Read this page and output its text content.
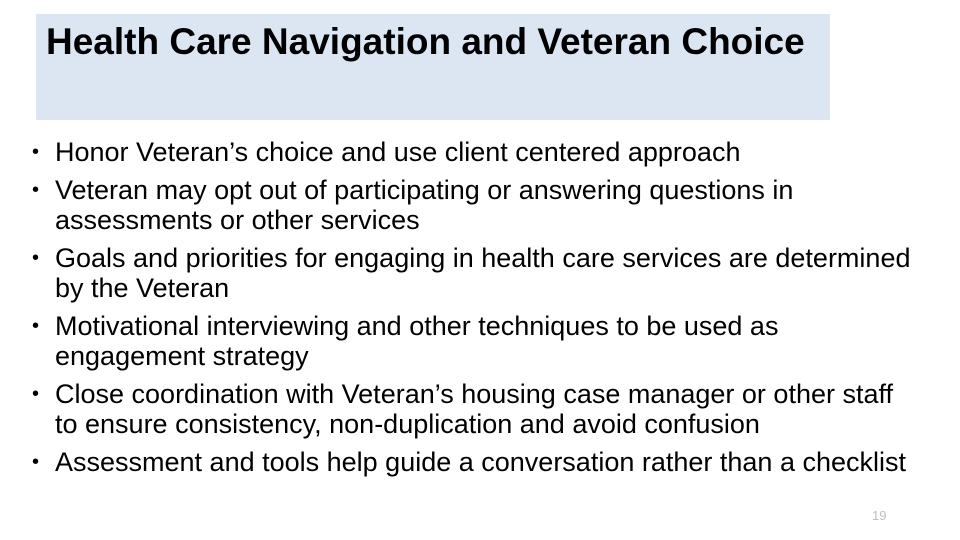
Health Care Navigation and Veteran Choice
• Honor Veteran’s choice and use client centered approach
• Veteran may opt out of participating or answering questions in assessments or other services
• Goals and priorities for engaging in health care services are determined by the Veteran
• Motivational interviewing and other techniques to be used as engagement strategy
• Close coordination with Veteran’s housing case manager or other staff to ensure consistency, non-duplication and avoid confusion
• Assessment and tools help guide a conversation rather than a checklist
19
